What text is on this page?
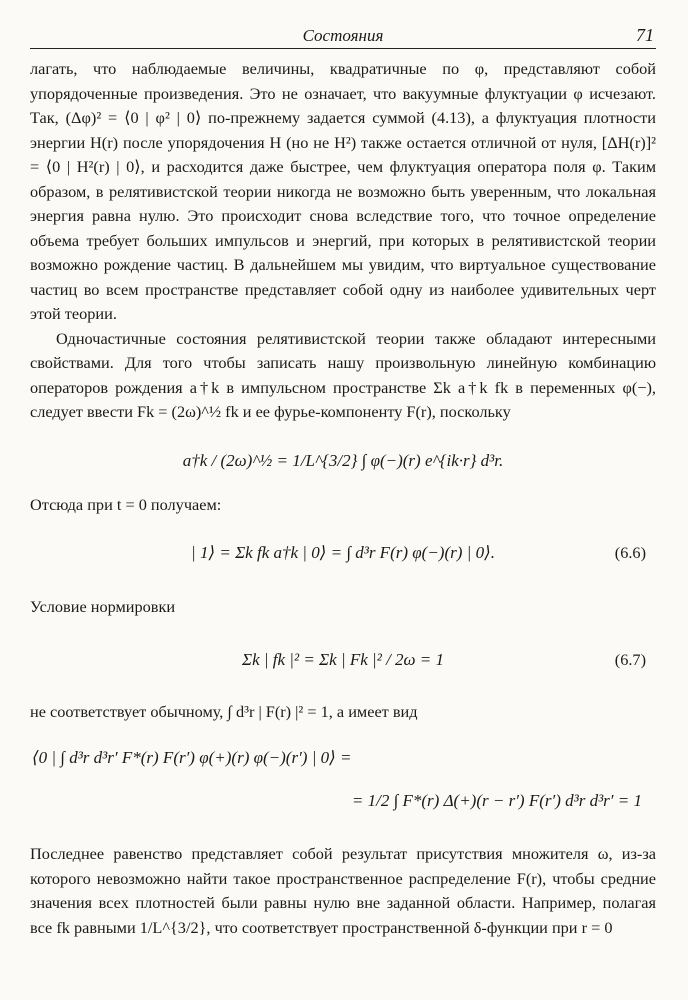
Состояния	71

лагать, что наблюдаемые величины, квадратичные по φ, представляют собой упорядоченные произведения. Это не означает, что вакуумные флуктуации φ исчезают. Так, (Δφ)² = ⟨0 | φ² | 0⟩ по-прежнему задается суммой (4.13), а флуктуация плотности энергии H(r) после упорядочения H (но не H²) также остается отличной от нуля, [ΔH(r)]² = ⟨0 | H²(r) | 0⟩, и расходится даже быстрее, чем флуктуация оператора поля φ. Таким образом, в релятивистской теории никогда не возможно быть уверенным, что локальная энергия равна нулю. Это происходит снова вследствие того, что точное определение объема требует больших импульсов и энергий, при которых в релятивистской теории возможно рождение частиц. В дальнейшем мы увидим, что виртуальное существование частиц во всем пространстве представляет собой одну из наиболее удивительных черт этой теории.

Одночастичные состояния релятивистской теории также обладают интересными свойствами. Для того чтобы записать нашу произвольную линейную комбинацию операторов рождения a†k в импульсном пространстве Σk a†k fk в переменных φ(−), следует ввести Fk = (2ω)^½ fk и ее фурье-компоненту F(r), поскольку

a†k / (2ω)^½ = 1/L^{3/2} ∫ φ(−)(r) e^{ik·r} d³r.

Отсюда при t = 0 получаем:

| 1⟩ = Σk fk a†k | 0⟩ = ∫ d³r F(r) φ(−)(r) | 0⟩.	(6.6)

Условие нормировки

Σk | fk |² = Σk | Fk |² / 2ω = 1	(6.7)

не соответствует обычному, ∫ d³r | F(r) |² = 1, а имеет вид

⟨0 | ∫ d³r d³r′ F*(r) F(r′) φ(+)(r) φ(−)(r′) | 0⟩ =
= 1/2 ∫ F*(r) Δ(+)(r − r′) F(r′) d³r d³r′ = 1

Последнее равенство представляет собой результат присутствия множителя ω, из-за которого невозможно найти такое пространственное распределение F(r), чтобы средние значения всех плотностей были равны нулю вне заданной области. Например, полагая все fk равными 1/L^{3/2}, что соответствует пространственной δ-функции при r = 0
